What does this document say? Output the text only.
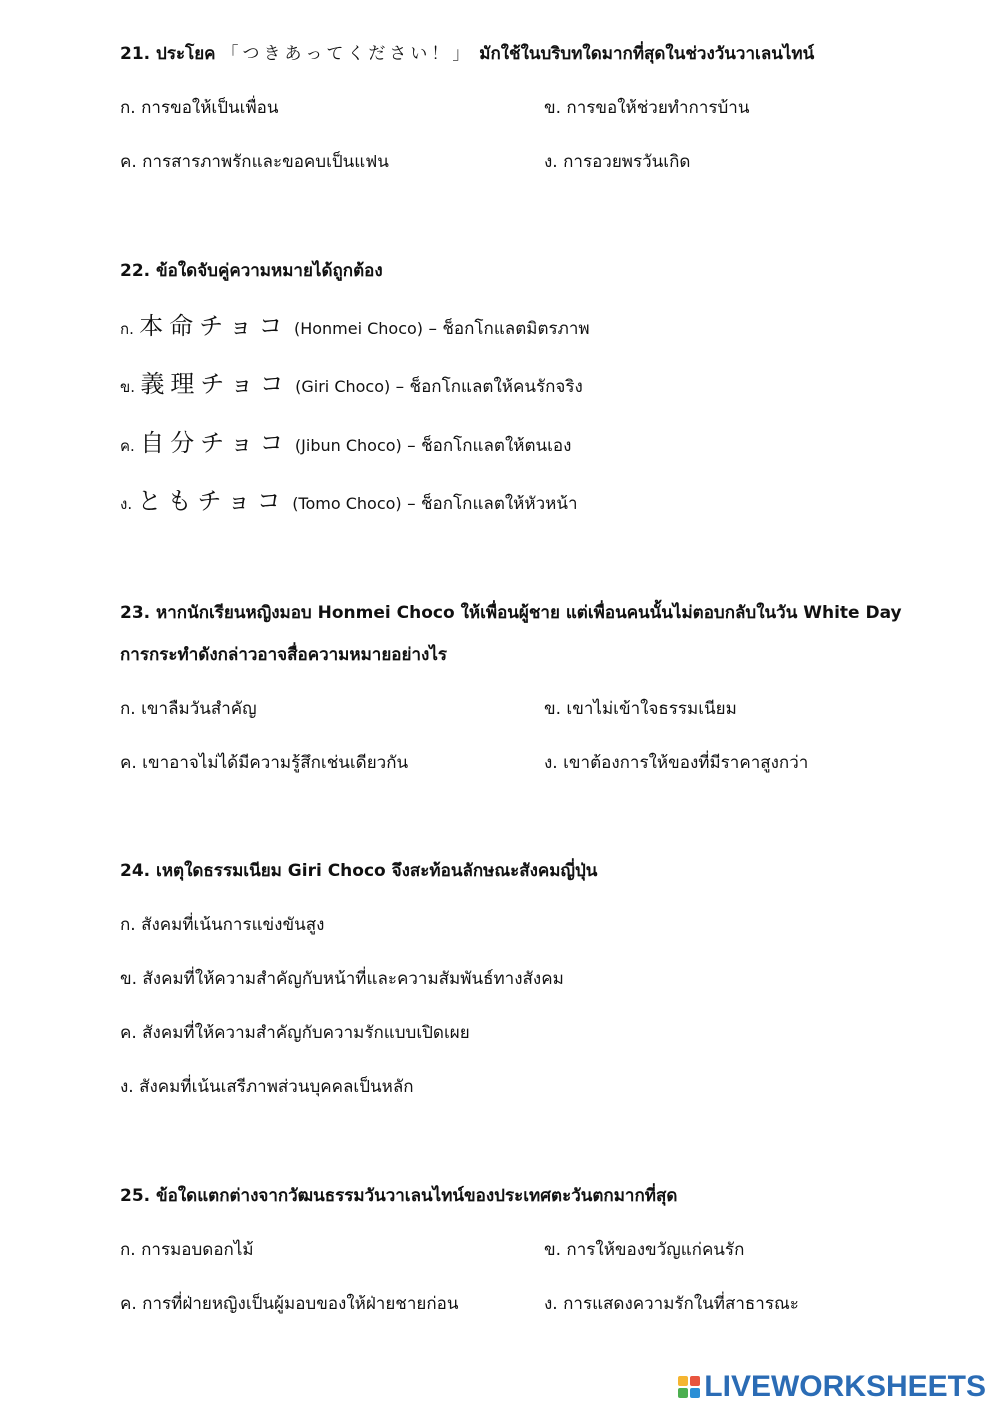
21. ประโยค 「つきあってください！」 มักใช้ในบริบทใดมากที่สุดในช่วงวันวาเลนไทน์
ก. การขอให้เป็นเพื่อน	ข. การขอให้ช่วยทำการบ้าน
ค. การสารภาพรักและขอคบเป็นแฟน	ง. การอวยพรวันเกิด
22. ข้อใดจับคู่ความหมายได้ถูกต้อง
ก. 本命チョコ (Honmei Choco) – ช็อกโกแลตมิตรภาพ
ข. 義理チョコ (Giri Choco) – ช็อกโกแลตให้คนรักจริง
ค. 自分チョコ (Jibun Choco) – ช็อกโกแลตให้ตนเอง
ง. ともチョコ (Tomo Choco) – ช็อกโกแลตให้หัวหน้า
23. หากนักเรียนหญิงมอบ Honmei Choco ให้เพื่อนผู้ชาย แต่เพื่อนคนนั้นไม่ตอบกลับในวัน White Day การกระทำดังกล่าวอาจสื่อความหมายอย่างไร
ก. เขาลืมวันสำคัญ	ข. เขาไม่เข้าใจธรรมเนียม
ค. เขาอาจไม่ได้มีความรู้สึกเช่นเดียวกัน	ง. เขาต้องการให้ของที่มีราคาสูงกว่า
24. เหตุใดธรรมเนียม Giri Choco จึงสะท้อนลักษณะสังคมญี่ปุ่น
ก. สังคมที่เน้นการแข่งขันสูง
ข. สังคมที่ให้ความสำคัญกับหน้าที่และความสัมพันธ์ทางสังคม
ค. สังคมที่ให้ความสำคัญกับความรักแบบเปิดเผย
ง. สังคมที่เน้นเสรีภาพส่วนบุคคลเป็นหลัก
25. ข้อใดแตกต่างจากวัฒนธรรมวันวาเลนไทน์ของประเทศตะวันตกมากที่สุด
ก. การมอบดอกไม้	ข. การให้ของขวัญแก่คนรัก
ค. การที่ฝ่ายหญิงเป็นผู้มอบของให้ฝ่ายชายก่อน	ง. การแสดงความรักในที่สาธารณะ
LIVEWORKSHEETS
